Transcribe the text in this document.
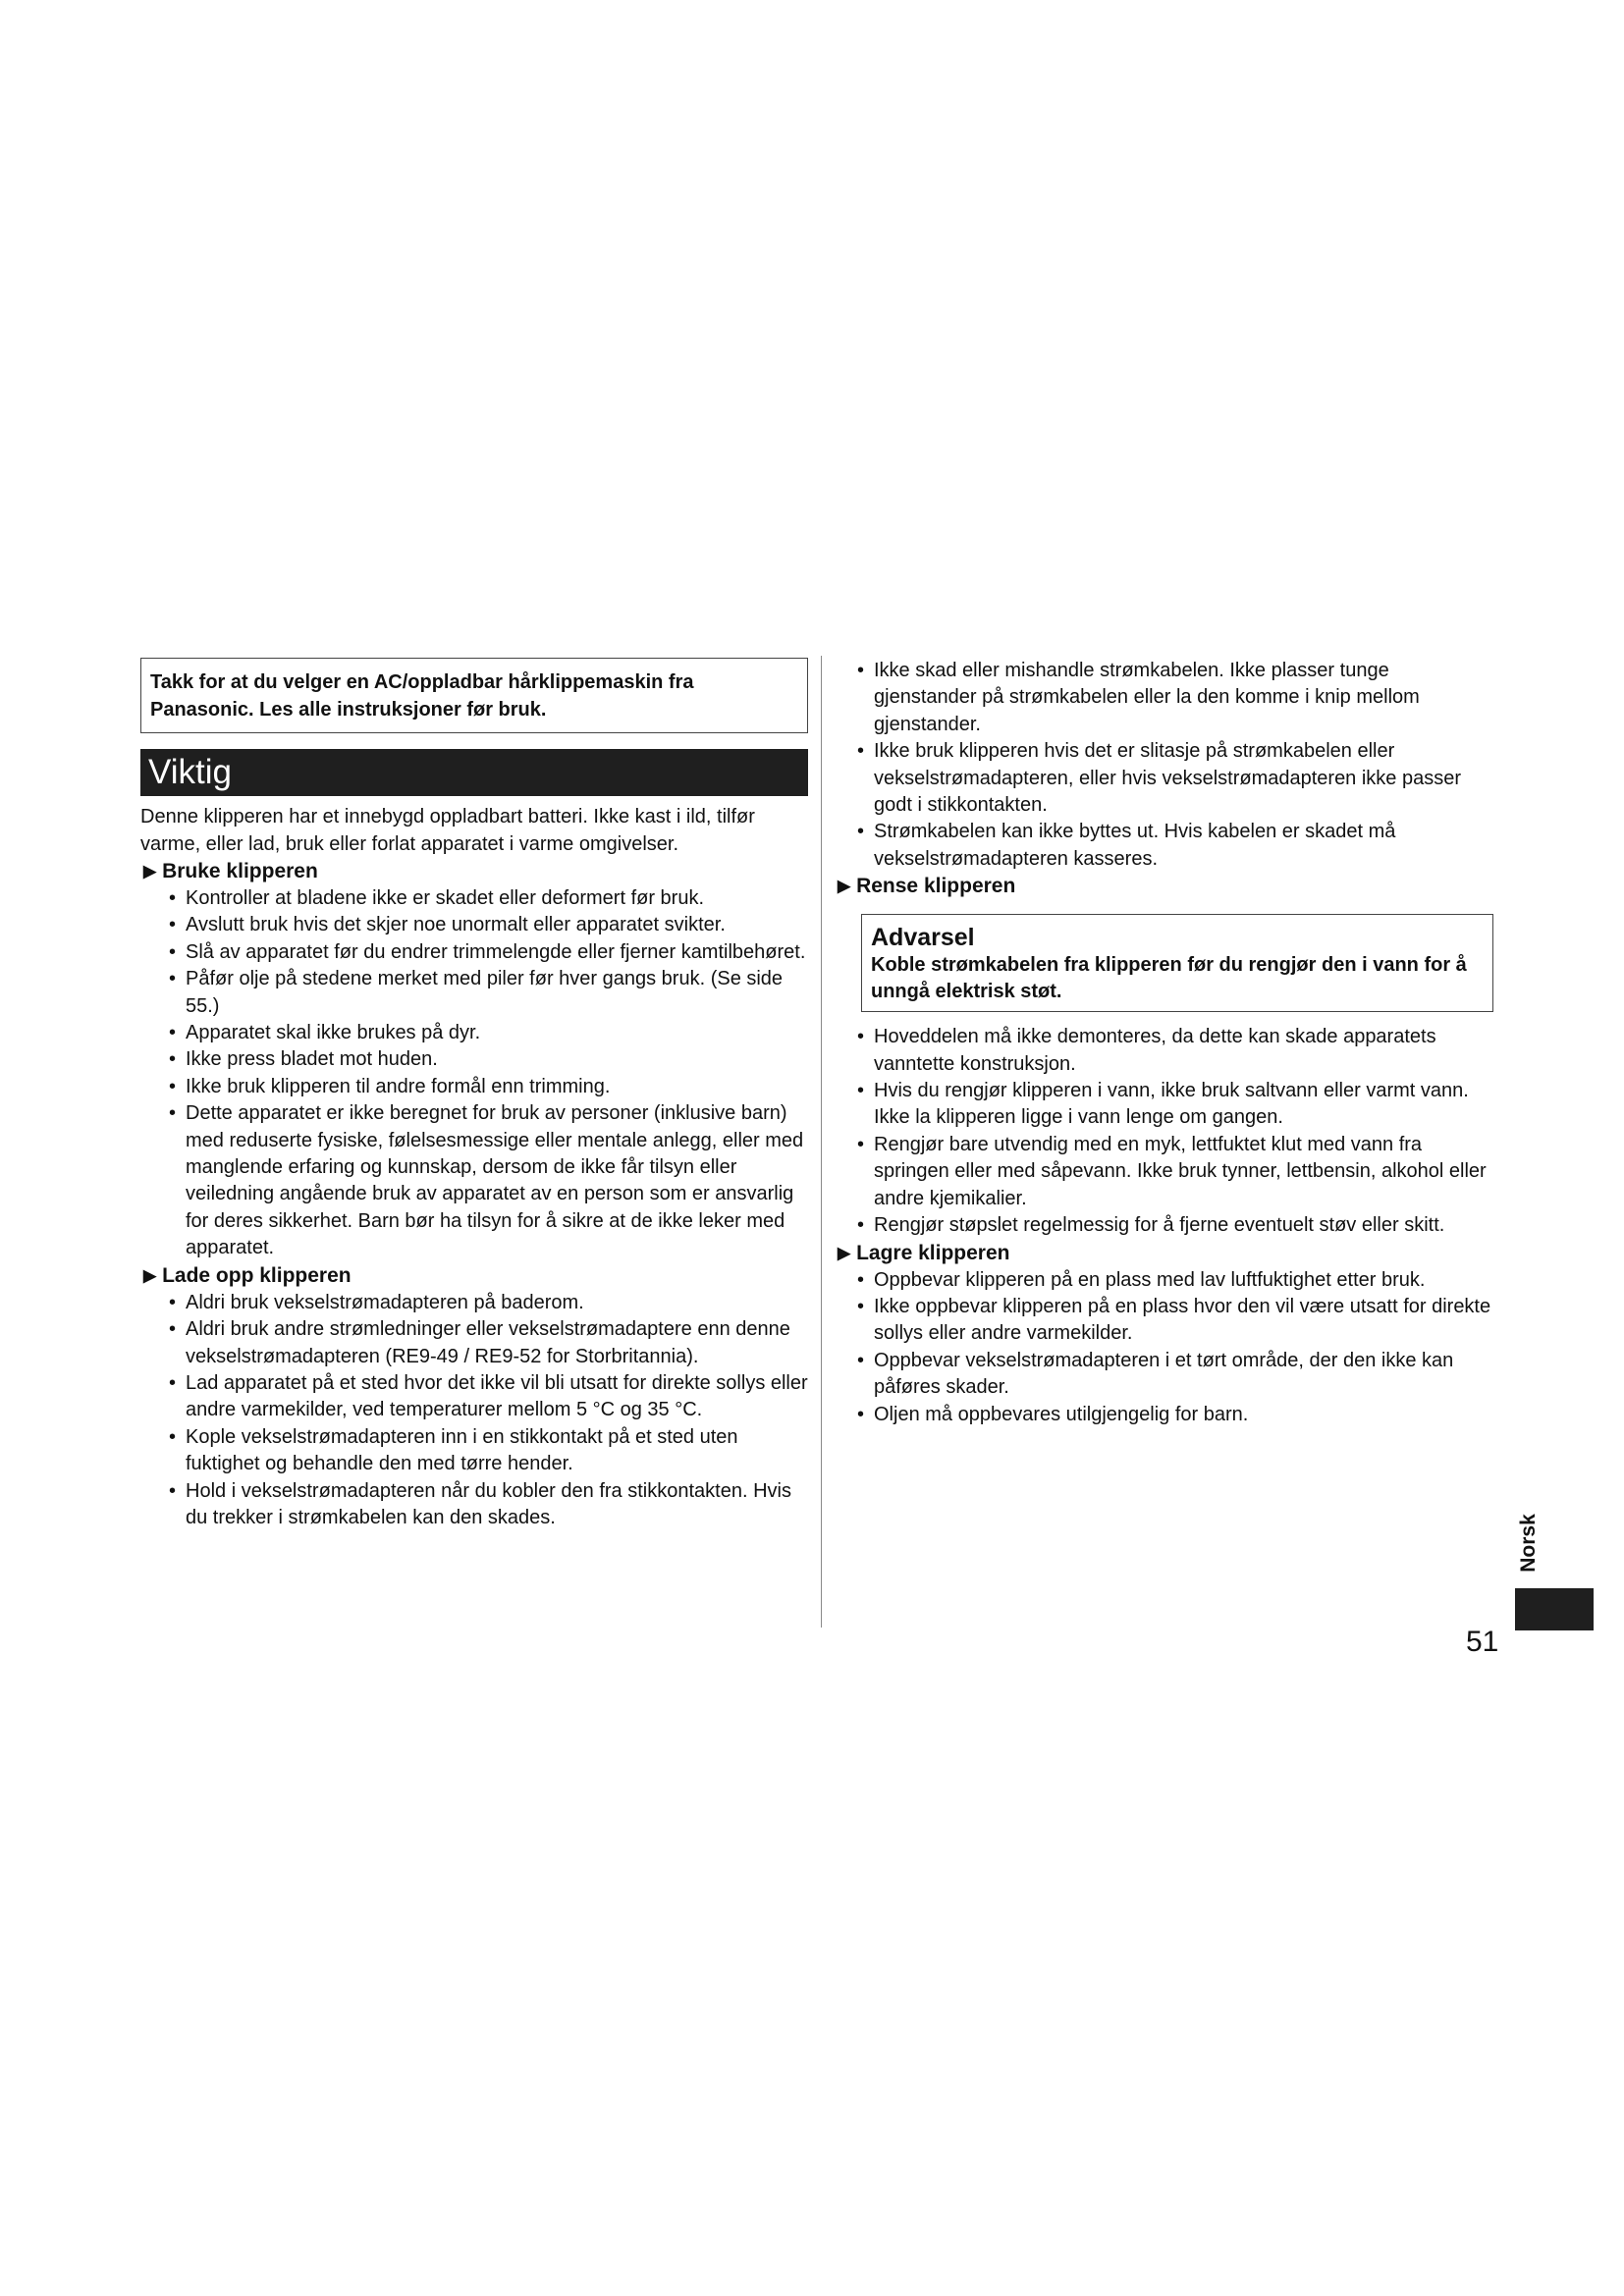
Takk for at du velger en AC/oppladbar hårklippemaskin fra Panasonic. Les alle instruksjoner før bruk.
Viktig
Denne klipperen har et innebygd oppladbart batteri. Ikke kast i ild, tilfør varme, eller lad, bruk eller forlat apparatet i varme omgivelser.
▶ Bruke klipperen
• Kontroller at bladene ikke er skadet eller deformert før bruk.
• Avslutt bruk hvis det skjer noe unormalt eller apparatet svikter.
• Slå av apparatet før du endrer trimmelengde eller fjerner kamtilbehøret.
• Påfør olje på stedene merket med piler før hver gangs bruk. (Se side 55.)
• Apparatet skal ikke brukes på dyr.
• Ikke press bladet mot huden.
• Ikke bruk klipperen til andre formål enn trimming.
• Dette apparatet er ikke beregnet for bruk av personer (inklusive barn) med reduserte fysiske, følelsesmessige eller mentale anlegg, eller med manglende erfaring og kunnskap, dersom de ikke får tilsyn eller veiledning angående bruk av apparatet av en person som er ansvarlig for deres sikkerhet. Barn bør ha tilsyn for å sikre at de ikke leker med apparatet.
▶ Lade opp klipperen
• Aldri bruk vekselstrømadapteren på baderom.
• Aldri bruk andre strømledninger eller vekselstrømadaptere enn denne vekselstrømadapteren (RE9-49 / RE9-52 for Storbritannia).
• Lad apparatet på et sted hvor det ikke vil bli utsatt for direkte sollys eller andre varmekilder, ved temperaturer mellom 5 °C og 35 °C.
• Kople vekselstrømadapteren inn i en stikkontakt på et sted uten fuktighet og behandle den med tørre hender.
• Hold i vekselstrømadapteren når du kobler den fra stikkontakten. Hvis du trekker i strømkabelen kan den skades.
• Ikke skad eller mishandle strømkabelen. Ikke plasser tunge gjenstander på strømkabelen eller la den komme i knip mellom gjenstander.
• Ikke bruk klipperen hvis det er slitasje på strømkabelen eller vekselstrømadapteren, eller hvis vekselstrømadapteren ikke passer godt i stikkontakten.
• Strømkabelen kan ikke byttes ut. Hvis kabelen er skadet må vekselstrømadapteren kasseres.
▶ Rense klipperen
Advarsel
Koble strømkabelen fra klipperen før du rengjør den i vann for å unngå elektrisk støt.
• Hoveddelen må ikke demonteres, da dette kan skade apparatets vanntette konstruksjon.
• Hvis du rengjør klipperen i vann, ikke bruk saltvann eller varmt vann. Ikke la klipperen ligge i vann lenge om gangen.
• Rengjør bare utvendig med en myk, lettfuktet klut med vann fra springen eller med såpevann. Ikke bruk tynner, lettbensin, alkohol eller andre kjemikalier.
• Rengjør støpslet regelmessig for å fjerne eventuelt støv eller skitt.
▶ Lagre klipperen
• Oppbevar klipperen på en plass med lav luftfuktighet etter bruk.
• Ikke oppbevar klipperen på en plass hvor den vil være utsatt for direkte sollys eller andre varmekilder.
• Oppbevar vekselstrømadapteren i et tørt område, der den ikke kan påføres skader.
• Oljen må oppbevares utilgjengelig for barn.
Norsk
51
